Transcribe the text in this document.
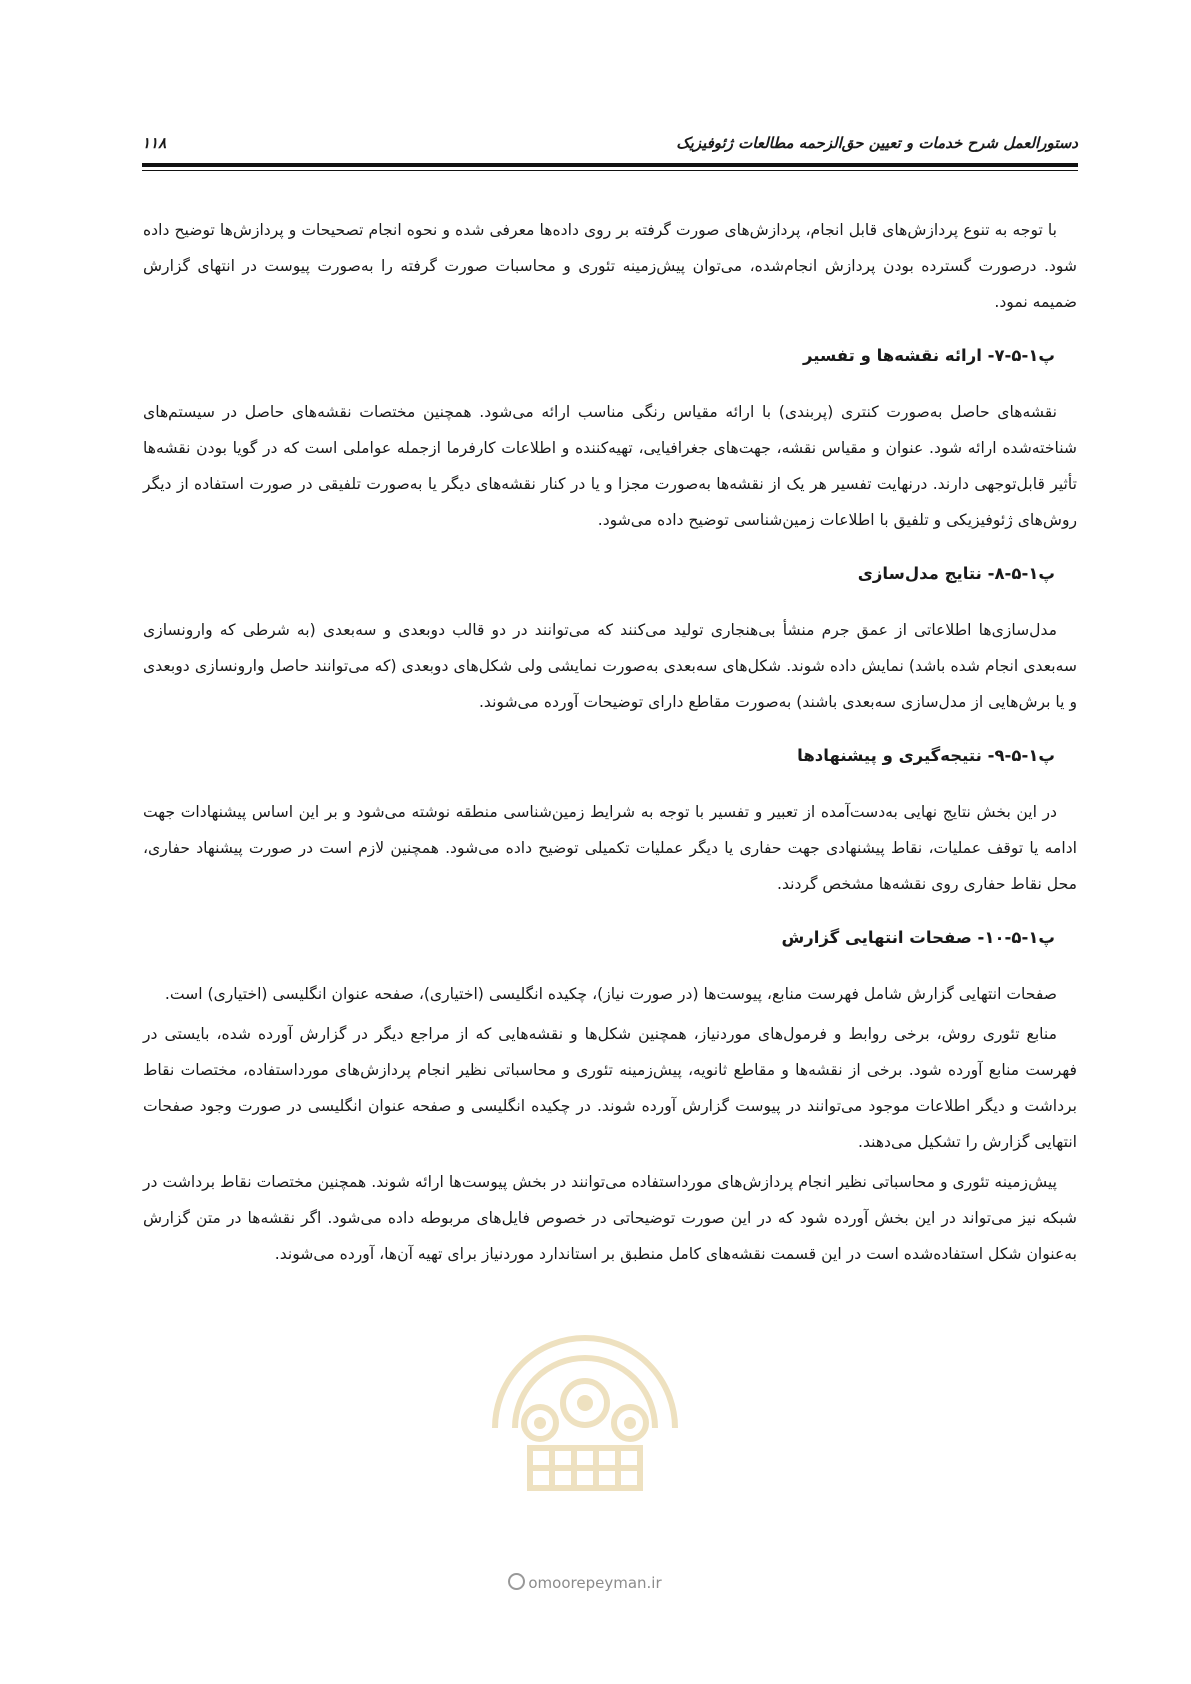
دستورالعمل شرح خدمات و تعیین حق‌الزحمه مطالعات ژئوفیزیک
۱۱۸

با توجه به تنوع پردازش‌های قابل انجام، پردازش‌های صورت گرفته بر روی داده‌ها معرفی شده و نحوه انجام تصحیحات و پردازش‌ها توضیح داده شود. درصورت گسترده بودن پردازش انجام‌شده، می‌توان پیش‌زمینه تئوری و محاسبات صورت گرفته را به‌صورت پیوست در انتهای گزارش ضمیمه نمود.

پ۱-۵-۷- ارائه نقشه‌ها و تفسیر

نقشه‌های حاصل به‌صورت کنتری (پربندی) با ارائه مقیاس رنگی مناسب ارائه می‌شود. همچنین مختصات نقشه‌های حاصل در سیستم‌های شناخته‌شده ارائه شود. عنوان و مقیاس نقشه، جهت‌های جغرافیایی، تهیه‌کننده و اطلاعات کارفرما ازجمله عواملی است که در گویا بودن نقشه‌ها تأثیر قابل‌توجهی دارند. درنهایت تفسیر هر یک از نقشه‌ها به‌صورت مجزا و یا در کنار نقشه‌های دیگر یا به‌صورت تلفیقی در صورت استفاده از دیگر روش‌های ژئوفیزیکی و تلفیق با اطلاعات زمین‌شناسی توضیح داده می‌شود.

پ۱-۵-۸- نتایج مدل‌سازی

مدل‌سازی‌ها اطلاعاتی از عمق جرم منشأ بی‌هنجاری تولید می‌کنند که می‌توانند در دو قالب دوبعدی و سه‌بعدی (به شرطی که وارونسازی سه‌بعدی انجام شده باشد) نمایش داده شوند. شکل‌های سه‌بعدی به‌صورت نمایشی ولی شکل‌های دوبعدی (که می‌توانند حاصل وارونسازی دوبعدی و یا برش‌هایی از مدل‌سازی سه‌بعدی باشند) به‌صورت مقاطع دارای توضیحات آورده می‌شوند.

پ۱-۵-۹- نتیجه‌گیری و پیشنهادها

در این بخش نتایج نهایی به‌دست‌آمده از تعبیر و تفسیر با توجه به شرایط زمین‌شناسی منطقه نوشته می‌شود و بر این اساس پیشنهادات جهت ادامه یا توقف عملیات، نقاط پیشنهادی جهت حفاری یا دیگر عملیات تکمیلی توضیح داده می‌شود. همچنین لازم است در صورت پیشنهاد حفاری، محل نقاط حفاری روی نقشه‌ها مشخص گردند.

پ۱-۵-۱۰- صفحات انتهایی گزارش

صفحات انتهایی گزارش شامل فهرست منابع، پیوست‌ها (در صورت نیاز)، چکیده انگلیسی (اختیاری)، صفحه عنوان انگلیسی (اختیاری) است.

منابع تئوری روش، برخی روابط و فرمول‌های موردنیاز، همچنین شکل‌ها و نقشه‌هایی که از مراجع دیگر در گزارش آورده شده، بایستی در فهرست منابع آورده شود. برخی از نقشه‌ها و مقاطع ثانویه، پیش‌زمینه تئوری و محاسباتی نظیر انجام پردازش‌های مورداستفاده، مختصات نقاط برداشت و دیگر اطلاعات موجود می‌توانند در پیوست گزارش آورده شوند. در چکیده انگلیسی و صفحه عنوان انگلیسی در صورت وجود صفحات انتهایی گزارش را تشکیل می‌دهند.

پیش‌زمینه تئوری و محاسباتی نظیر انجام پردازش‌های مورداستفاده می‌توانند در بخش پیوست‌ها ارائه شوند. همچنین مختصات نقاط برداشت در شبکه نیز می‌تواند در این بخش آورده شود که در این صورت توضیحاتی در خصوص فایل‌های مربوطه داده می‌شود. اگر نقشه‌ها در متن گزارش به‌عنوان شکل استفاده‌شده است در این قسمت نقشه‌های کامل منطبق بر استاندارد موردنیاز برای تهیه آن‌ها، آورده می‌شوند.

omoorepeyman.ir
